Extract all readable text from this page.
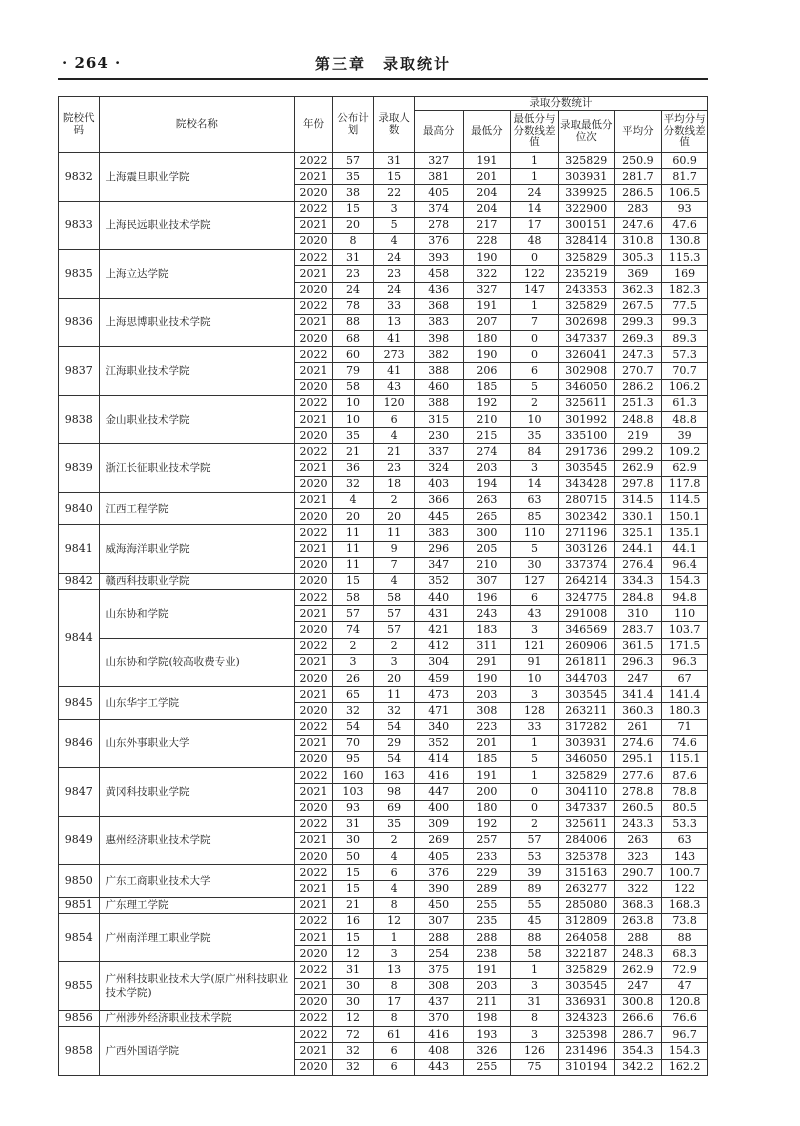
· 264 ·	第三章　录取统计
院校代码	院校名称	年份	公布计划	录取人数	录取分数统计					
					最高分	最低分	最低分与分数线差值	录取最低分位次	平均分	平均分与分数线差值
9832	上海震旦职业学院	2022	57	31	327	191	1	325829	250.9	60.9
		2021	35	15	381	201	1	303931	281.7	81.7
		2020	38	22	405	204	24	339925	286.5	106.5
9833	上海民远职业技术学院	2022	15	3	374	204	14	322900	283	93
		2021	20	5	278	217	17	300151	247.6	47.6
		2020	8	4	376	228	48	328414	310.8	130.8
9835	上海立达学院	2022	31	24	393	190	0	325829	305.3	115.3
		2021	23	23	458	322	122	235219	369	169
		2020	24	24	436	327	147	243353	362.3	182.3
9836	上海思博职业技术学院	2022	78	33	368	191	1	325829	267.5	77.5
		2021	88	13	383	207	7	302698	299.3	99.3
		2020	68	41	398	180	0	347337	269.3	89.3
9837	江海职业技术学院	2022	60	273	382	190	0	326041	247.3	57.3
		2021	79	41	388	206	6	302908	270.7	70.7
		2020	58	43	460	185	5	346050	286.2	106.2
9838	金山职业技术学院	2022	10	120	388	192	2	325611	251.3	61.3
		2021	10	6	315	210	10	301992	248.8	48.8
		2020	35	4	230	215	35	335100	219	39
9839	浙江长征职业技术学院	2022	21	21	337	274	84	291736	299.2	109.2
		2021	36	23	324	203	3	303545	262.9	62.9
		2020	32	18	403	194	14	343428	297.8	117.8
9840	江西工程学院	2021	4	2	366	263	63	280715	314.5	114.5
		2020	20	20	445	265	85	302342	330.1	150.1
9841	威海海洋职业学院	2022	11	11	383	300	110	271196	325.1	135.1
		2021	11	9	296	205	5	303126	244.1	44.1
		2020	11	7	347	210	30	337374	276.4	96.4
9842	赣西科技职业学院	2020	15	4	352	307	127	264214	334.3	154.3
9844	山东协和学院	2022	58	58	440	196	6	324775	284.8	94.8
		2021	57	57	431	243	43	291008	310	110
		2020	74	57	421	183	3	346569	283.7	103.7
	山东协和学院(较高收费专业)	2022	2	2	412	311	121	260906	361.5	171.5
		2021	3	3	304	291	91	261811	296.3	96.3
		2020	26	20	459	190	10	344703	247	67
9845	山东华宇工学院	2021	65	11	473	203	3	303545	341.4	141.4
		2020	32	32	471	308	128	263211	360.3	180.3
9846	山东外事职业大学	2022	54	54	340	223	33	317282	261	71
		2021	70	29	352	201	1	303931	274.6	74.6
		2020	95	54	414	185	5	346050	295.1	115.1
9847	黄冈科技职业学院	2022	160	163	416	191	1	325829	277.6	87.6
		2021	103	98	447	200	0	304110	278.8	78.8
		2020	93	69	400	180	0	347337	260.5	80.5
9849	惠州经济职业技术学院	2022	31	35	309	192	2	325611	243.3	53.3
		2021	30	2	269	257	57	284006	263	63
		2020	50	4	405	233	53	325378	323	143
9850	广东工商职业技术大学	2022	15	6	376	229	39	315163	290.7	100.7
		2021	15	4	390	289	89	263277	322	122
9851	广东理工学院	2021	21	8	450	255	55	285080	368.3	168.3
9854	广州南洋理工职业学院	2022	16	12	307	235	45	312809	263.8	73.8
		2021	15	1	288	288	88	264058	288	88
		2020	12	3	254	238	58	322187	248.3	68.3
9855	广州科技职业技术大学(原广州科技职业技术学院)	2022	31	13	375	191	1	325829	262.9	72.9
		2021	30	8	308	203	3	303545	247	47
		2020	30	17	437	211	31	336931	300.8	120.8
9856	广州涉外经济职业技术学院	2022	12	8	370	198	8	324323	266.6	76.6
9858	广西外国语学院	2022	72	61	416	193	3	325398	286.7	96.7
		2021	32	6	408	326	126	231496	354.3	154.3
		2020	32	6	443	255	75	310194	342.2	162.2
